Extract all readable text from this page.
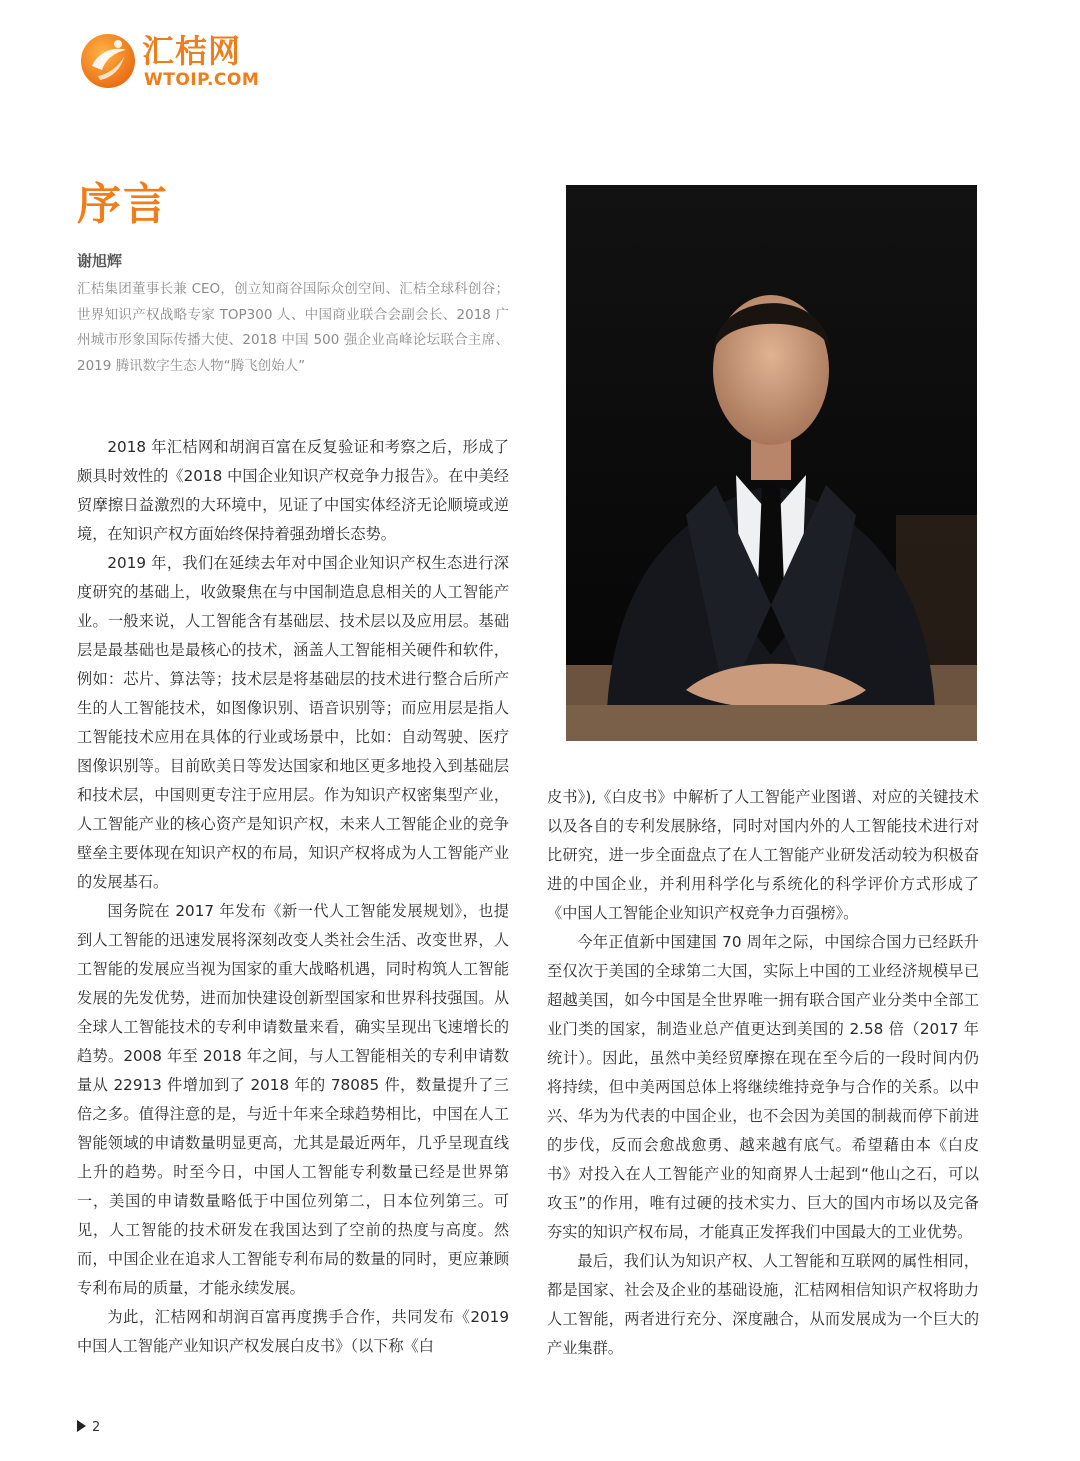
汇桔网
WTOIP.COM
序言
谢旭辉
汇桔集团董事长兼 CEO，创立知商谷国际众创空间、汇桔全球科创谷；世界知识产权战略专家 TOP300 人、中国商业联合会副会长、2018 广州城市形象国际传播大使、2018 中国 500 强企业高峰论坛联合主席、2019 腾讯数字生态人物“腾飞创始人”

2018 年汇桔网和胡润百富在反复验证和考察之后，形成了颇具时效性的《2018 中国企业知识产权竞争力报告》。在中美经贸摩擦日益激烈的大环境中，见证了中国实体经济无论顺境或逆境，在知识产权方面始终保持着强劲增长态势。

2019 年，我们在延续去年对中国企业知识产权生态进行深度研究的基础上，收敛聚焦在与中国制造息息相关的人工智能产业。一般来说，人工智能含有基础层、技术层以及应用层。基础层是最基础也是最核心的技术，涵盖人工智能相关硬件和软件，例如：芯片、算法等；技术层是将基础层的技术进行整合后所产生的人工智能技术，如图像识别、语音识别等；而应用层是指人工智能技术应用在具体的行业或场景中，比如：自动驾驶、医疗图像识别等。目前欧美日等发达国家和地区更多地投入到基础层和技术层，中国则更专注于应用层。作为知识产权密集型产业，人工智能产业的核心资产是知识产权，未来人工智能企业的竞争壁垒主要体现在知识产权的布局，知识产权将成为人工智能产业的发展基石。

国务院在 2017 年发布《新一代人工智能发展规划》，也提到人工智能的迅速发展将深刻改变人类社会生活、改变世界，人工智能的发展应当视为国家的重大战略机遇，同时构筑人工智能发展的先发优势，进而加快建设创新型国家和世界科技强国。从全球人工智能技术的专利申请数量来看，确实呈现出飞速增长的趋势。2008 年至 2018 年之间，与人工智能相关的专利申请数量从 22913 件增加到了 2018 年的 78085 件，数量提升了三倍之多。值得注意的是，与近十年来全球趋势相比，中国在人工智能领域的申请数量明显更高，尤其是最近两年，几乎呈现直线上升的趋势。时至今日，中国人工智能专利数量已经是世界第一，美国的申请数量略低于中国位列第二，日本位列第三。可见，人工智能的技术研发在我国达到了空前的热度与高度。然而，中国企业在追求人工智能专利布局的数量的同时，更应兼顾专利布局的质量，才能永续发展。

为此，汇桔网和胡润百富再度携手合作，共同发布《2019 中国人工智能产业知识产权发展白皮书》（以下称《白

皮书》),《白皮书》中解析了人工智能产业图谱、对应的关键技术以及各自的专利发展脉络，同时对国内外的人工智能技术进行对比研究，进一步全面盘点了在人工智能产业研发活动较为积极奋进的中国企业，并利用科学化与系统化的科学评价方式形成了《中国人工智能企业知识产权竞争力百强榜》。

今年正值新中国建国 70 周年之际，中国综合国力已经跃升至仅次于美国的全球第二大国，实际上中国的工业经济规模早已超越美国，如今中国是全世界唯一拥有联合国产业分类中全部工业门类的国家，制造业总产值更达到美国的 2.58 倍（2017 年统计）。因此，虽然中美经贸摩擦在现在至今后的一段时间内仍将持续，但中美两国总体上将继续维持竞争与合作的关系。以中兴、华为为代表的中国企业，也不会因为美国的制裁而停下前进的步伐，反而会愈战愈勇、越来越有底气。希望藉由本《白皮书》对投入在人工智能产业的知商界人士起到“他山之石，可以攻玉”的作用，唯有过硬的技术实力、巨大的国内市场以及完备夯实的知识产权布局，才能真正发挥我们中国最大的工业优势。

最后，我们认为知识产权、人工智能和互联网的属性相同，都是国家、社会及企业的基础设施，汇桔网相信知识产权将助力人工智能，两者进行充分、深度融合，从而发展成为一个巨大的产业集群。

2
